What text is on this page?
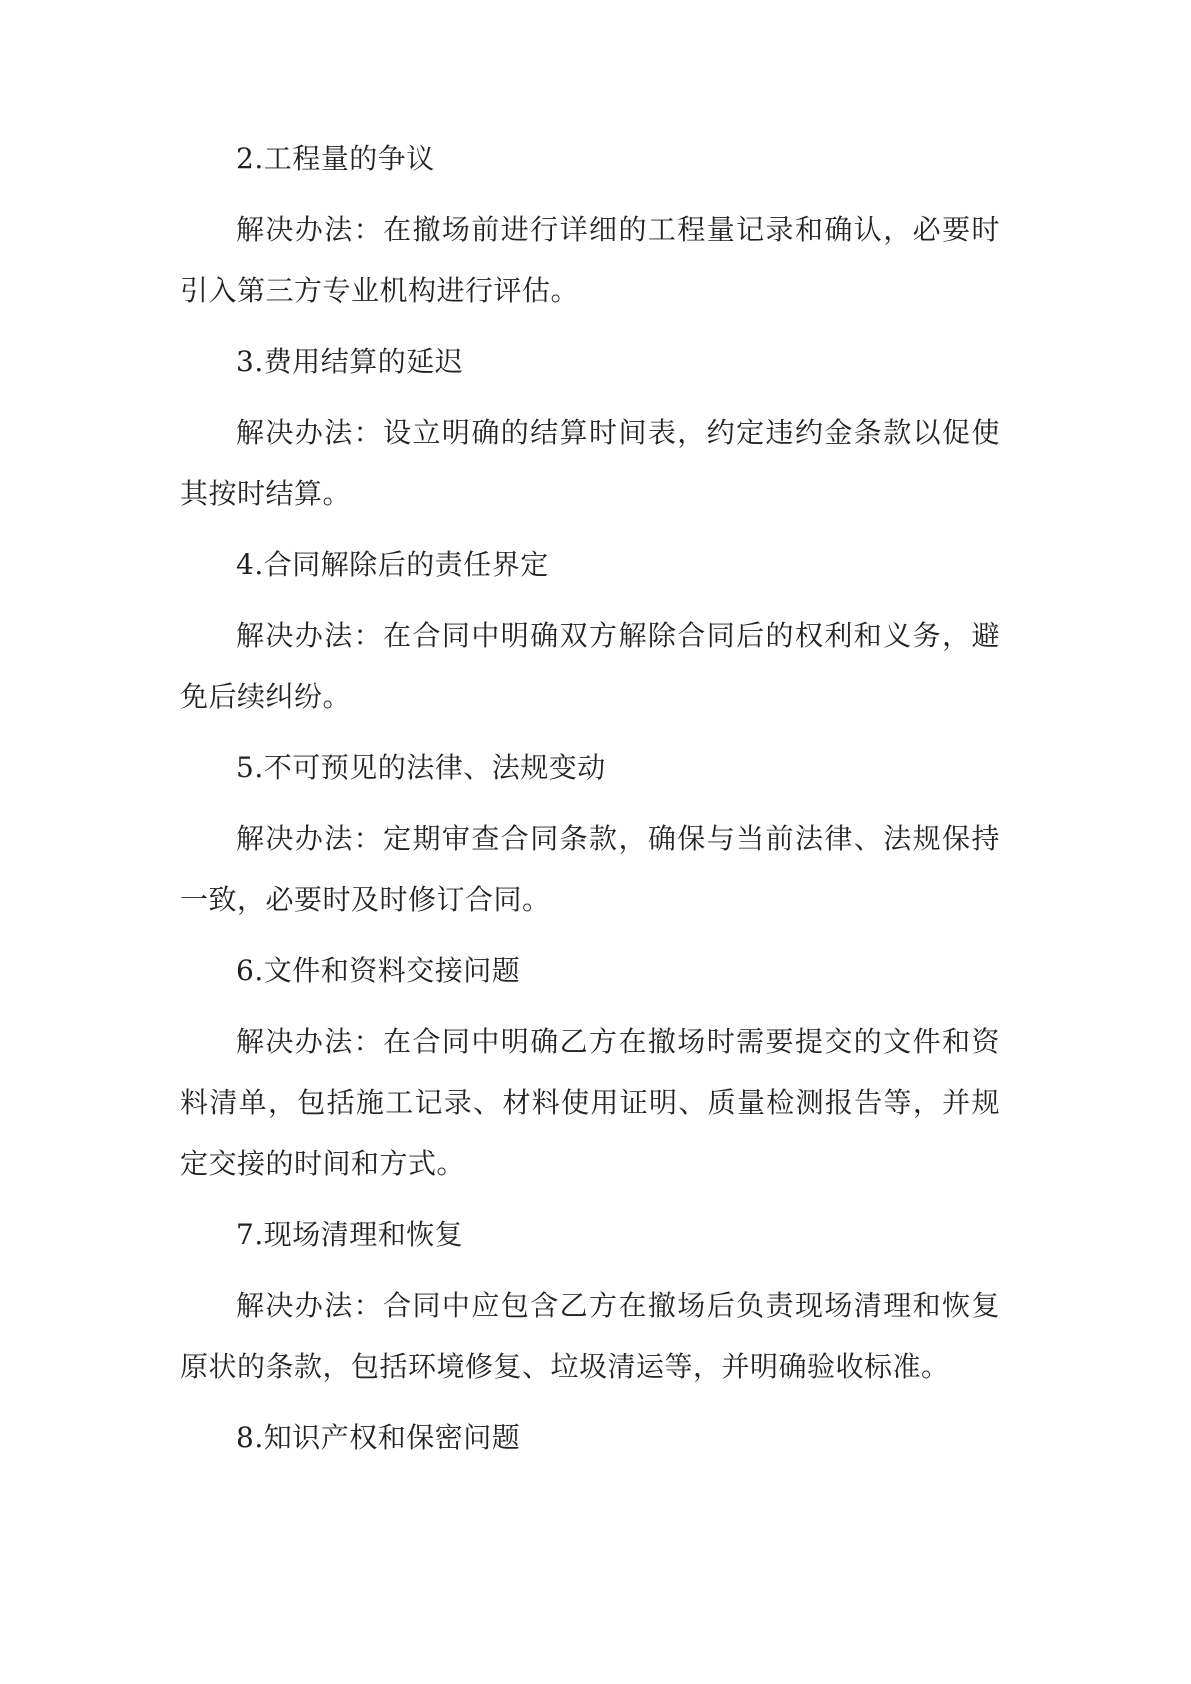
2.工程量的争议

解决办法：在撤场前进行详细的工程量记录和确认，必要时引入第三方专业机构进行评估。

3.费用结算的延迟

解决办法：设立明确的结算时间表，约定违约金条款以促使其按时结算。

4.合同解除后的责任界定

解决办法：在合同中明确双方解除合同后的权利和义务，避免后续纠纷。

5.不可预见的法律、法规变动

解决办法：定期审查合同条款，确保与当前法律、法规保持一致，必要时及时修订合同。

6.文件和资料交接问题

解决办法：在合同中明确乙方在撤场时需要提交的文件和资料清单，包括施工记录、材料使用证明、质量检测报告等，并规定交接的时间和方式。

7.现场清理和恢复

解决办法：合同中应包含乙方在撤场后负责现场清理和恢复原状的条款，包括环境修复、垃圾清运等，并明确验收标准。

8.知识产权和保密问题
